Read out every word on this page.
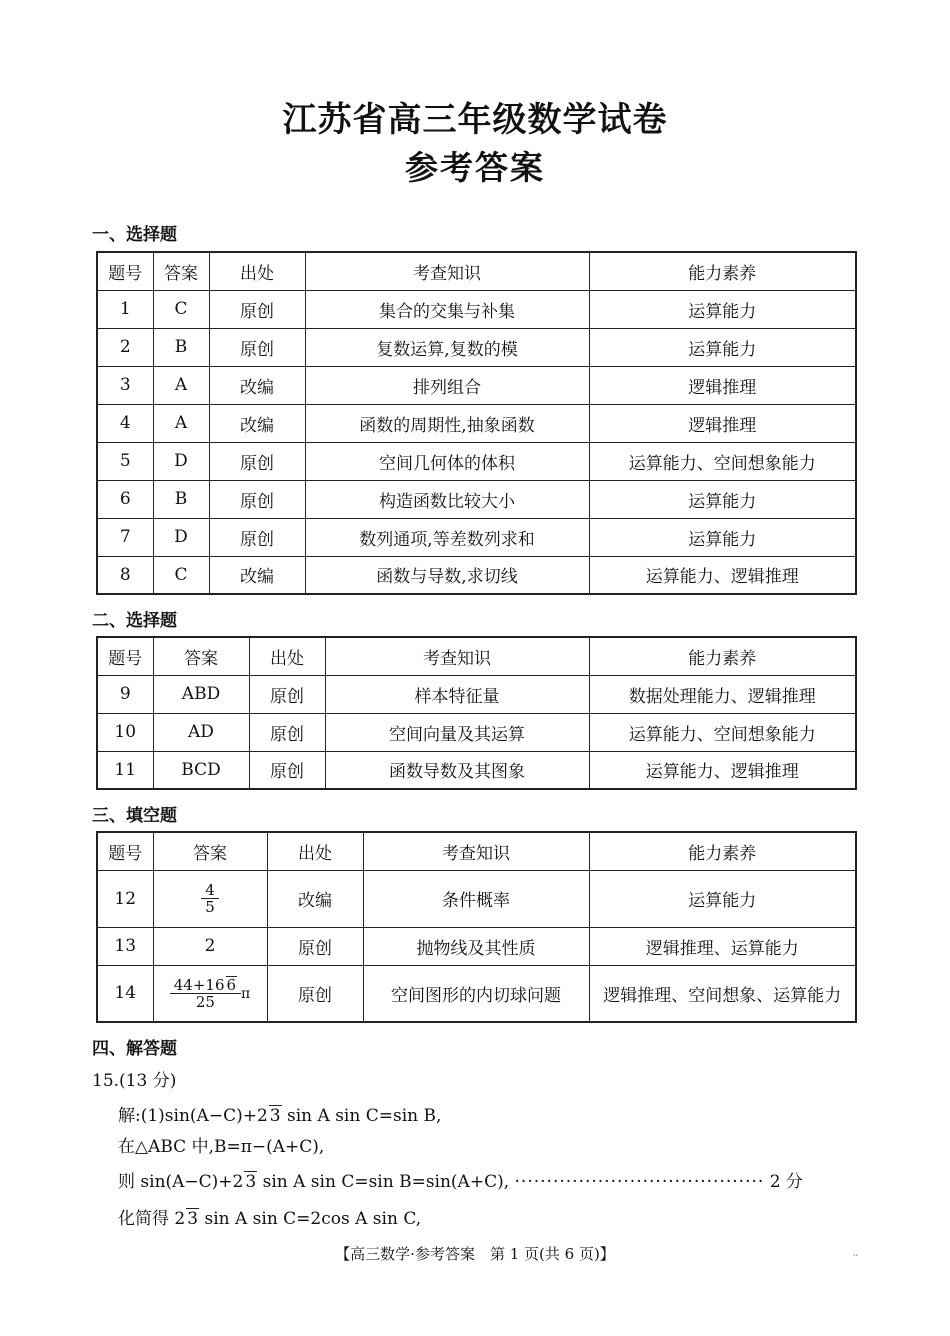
江苏省高三年级数学试卷
参考答案
一、选择题
题号	答案	出处	考查知识	能力素养
1	C	原创	集合的交集与补集	运算能力
2	B	原创	复数运算,复数的模	运算能力
3	A	改编	排列组合	逻辑推理
4	A	改编	函数的周期性,抽象函数	逻辑推理
5	D	原创	空间几何体的体积	运算能力、空间想象能力
6	B	原创	构造函数比较大小	运算能力
7	D	原创	数列通项,等差数列求和	运算能力
8	C	改编	函数与导数,求切线	运算能力、逻辑推理
二、选择题
题号	答案	出处	考查知识	能力素养
9	ABD	原创	样本特征量	数据处理能力、逻辑推理
10	AD	原创	空间向量及其运算	运算能力、空间想象能力
11	BCD	原创	函数导数及其图象	运算能力、逻辑推理
三、填空题
题号	答案	出处	考查知识	能力素养
12	$\frac{4}{5}$	改编	条件概率	运算能力
13	2	原创	抛物线及其性质	逻辑推理、运算能力
14	$\frac{44+16 6}{25}$ π	原创	空间图形的内切球问题	逻辑推理、空间想象、运算能力
四、解答题
15.(13 分)
解:(1)sin(A−C)+2 3 sin A sin C=sin B,
在△ABC 中,B=π−(A+C),
则 sin(A−C)+2 3 sin A sin C=sin B=sin(A+C), ······································· 2 分
化简得 2 3 sin A sin C=2cos A sin C,
【高三数学·参考答案　第 1 页(共 6 页)】	··
